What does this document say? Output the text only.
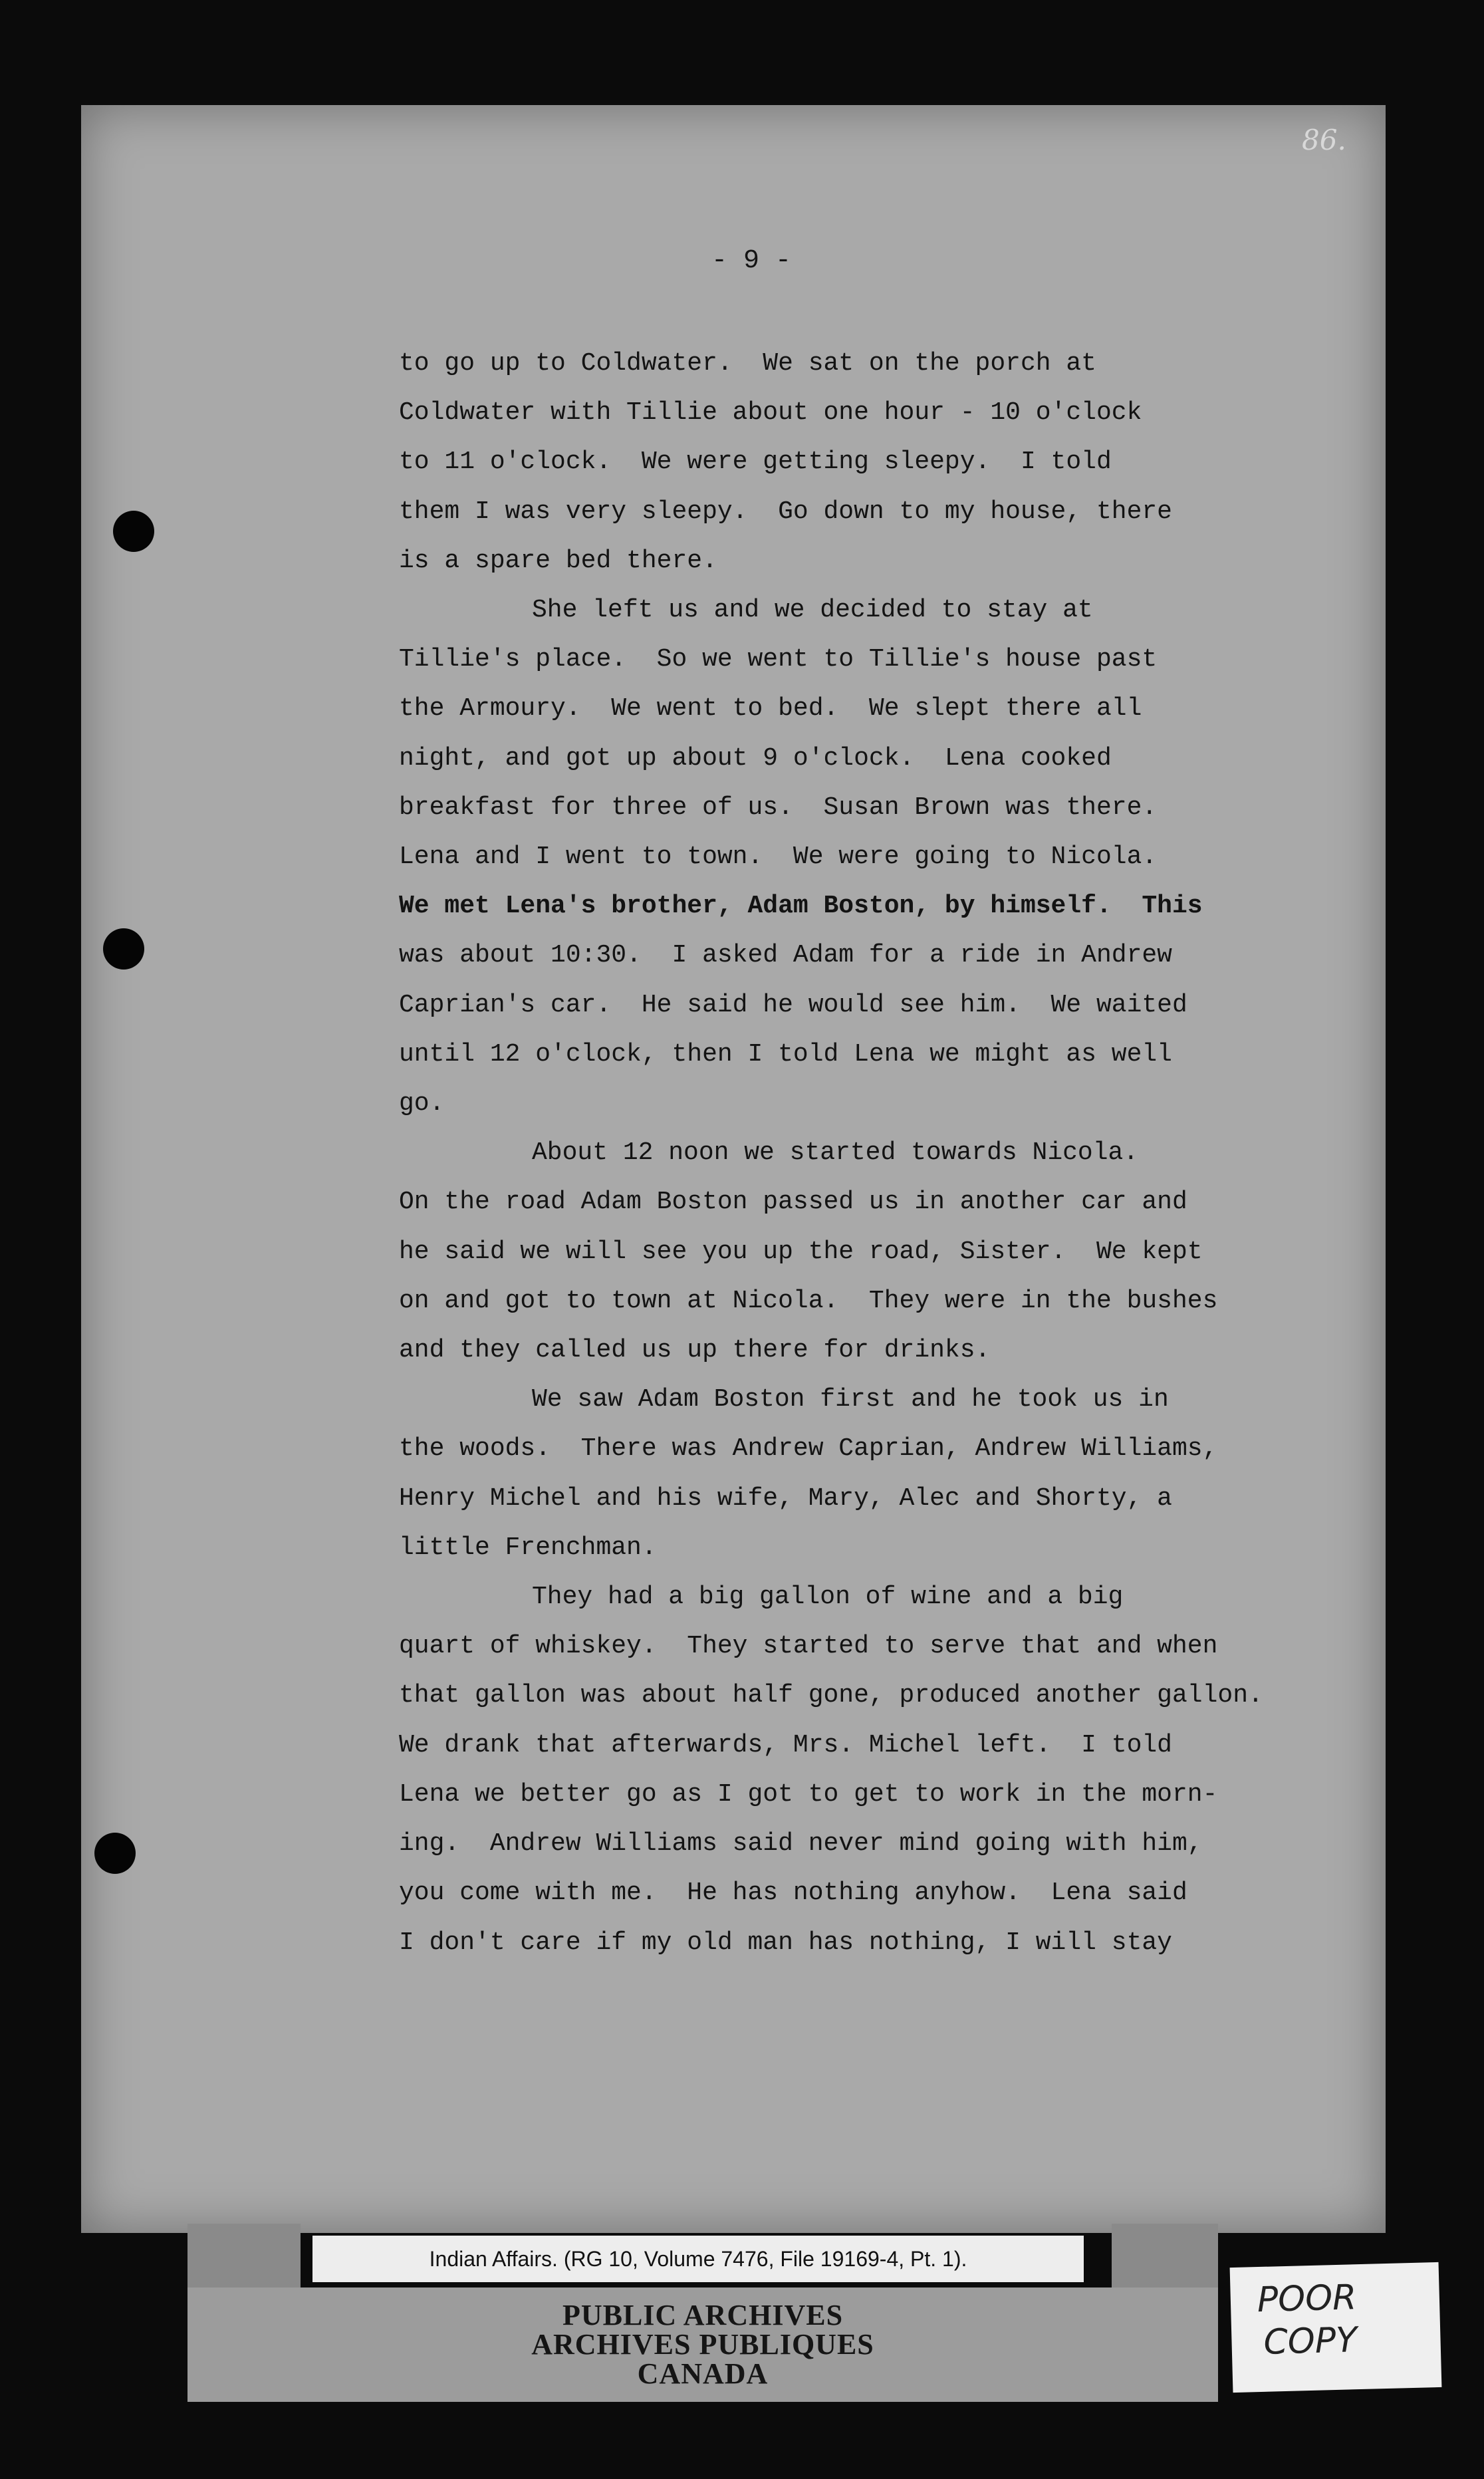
86.
- 9 -
to go up to Coldwater.  We sat on the porch at
Coldwater with Tillie about one hour - 10 o'clock
to 11 o'clock.  We were getting sleepy.  I told
them I was very sleepy.  Go down to my house, there
is a spare bed there.
She left us and we decided to stay at
Tillie's place.  So we went to Tillie's house past
the Armoury.  We went to bed.  We slept there all
night, and got up about 9 o'clock.  Lena cooked
breakfast for three of us.  Susan Brown was there.
Lena and I went to town.  We were going to Nicola.
We met Lena's brother, Adam Boston, by himself.  This
was about 10:30.  I asked Adam for a ride in Andrew
Caprian's car.  He said he would see him.  We waited
until 12 o'clock, then I told Lena we might as well
go.
About 12 noon we started towards Nicola.
On the road Adam Boston passed us in another car and
he said we will see you up the road, Sister.  We kept
on and got to town at Nicola.  They were in the bushes
and they called us up there for drinks.
We saw Adam Boston first and he took us in
the woods.  There was Andrew Caprian, Andrew Williams,
Henry Michel and his wife, Mary, Alec and Shorty, a
little Frenchman.
They had a big gallon of wine and a big
quart of whiskey.  They started to serve that and when
that gallon was about half gone, produced another gallon.
We drank that afterwards, Mrs. Michel left.  I told
Lena we better go as I got to get to work in the morn-
ing.  Andrew Williams said never mind going with him,
you come with me.  He has nothing anyhow.  Lena said
I don't care if my old man has nothing, I will stay
Indian Affairs. (RG 10, Volume 7476, File 19169-4, Pt. 1).
PUBLIC ARCHIVES
ARCHIVES PUBLIQUES
CANADA
POOR
COPY
